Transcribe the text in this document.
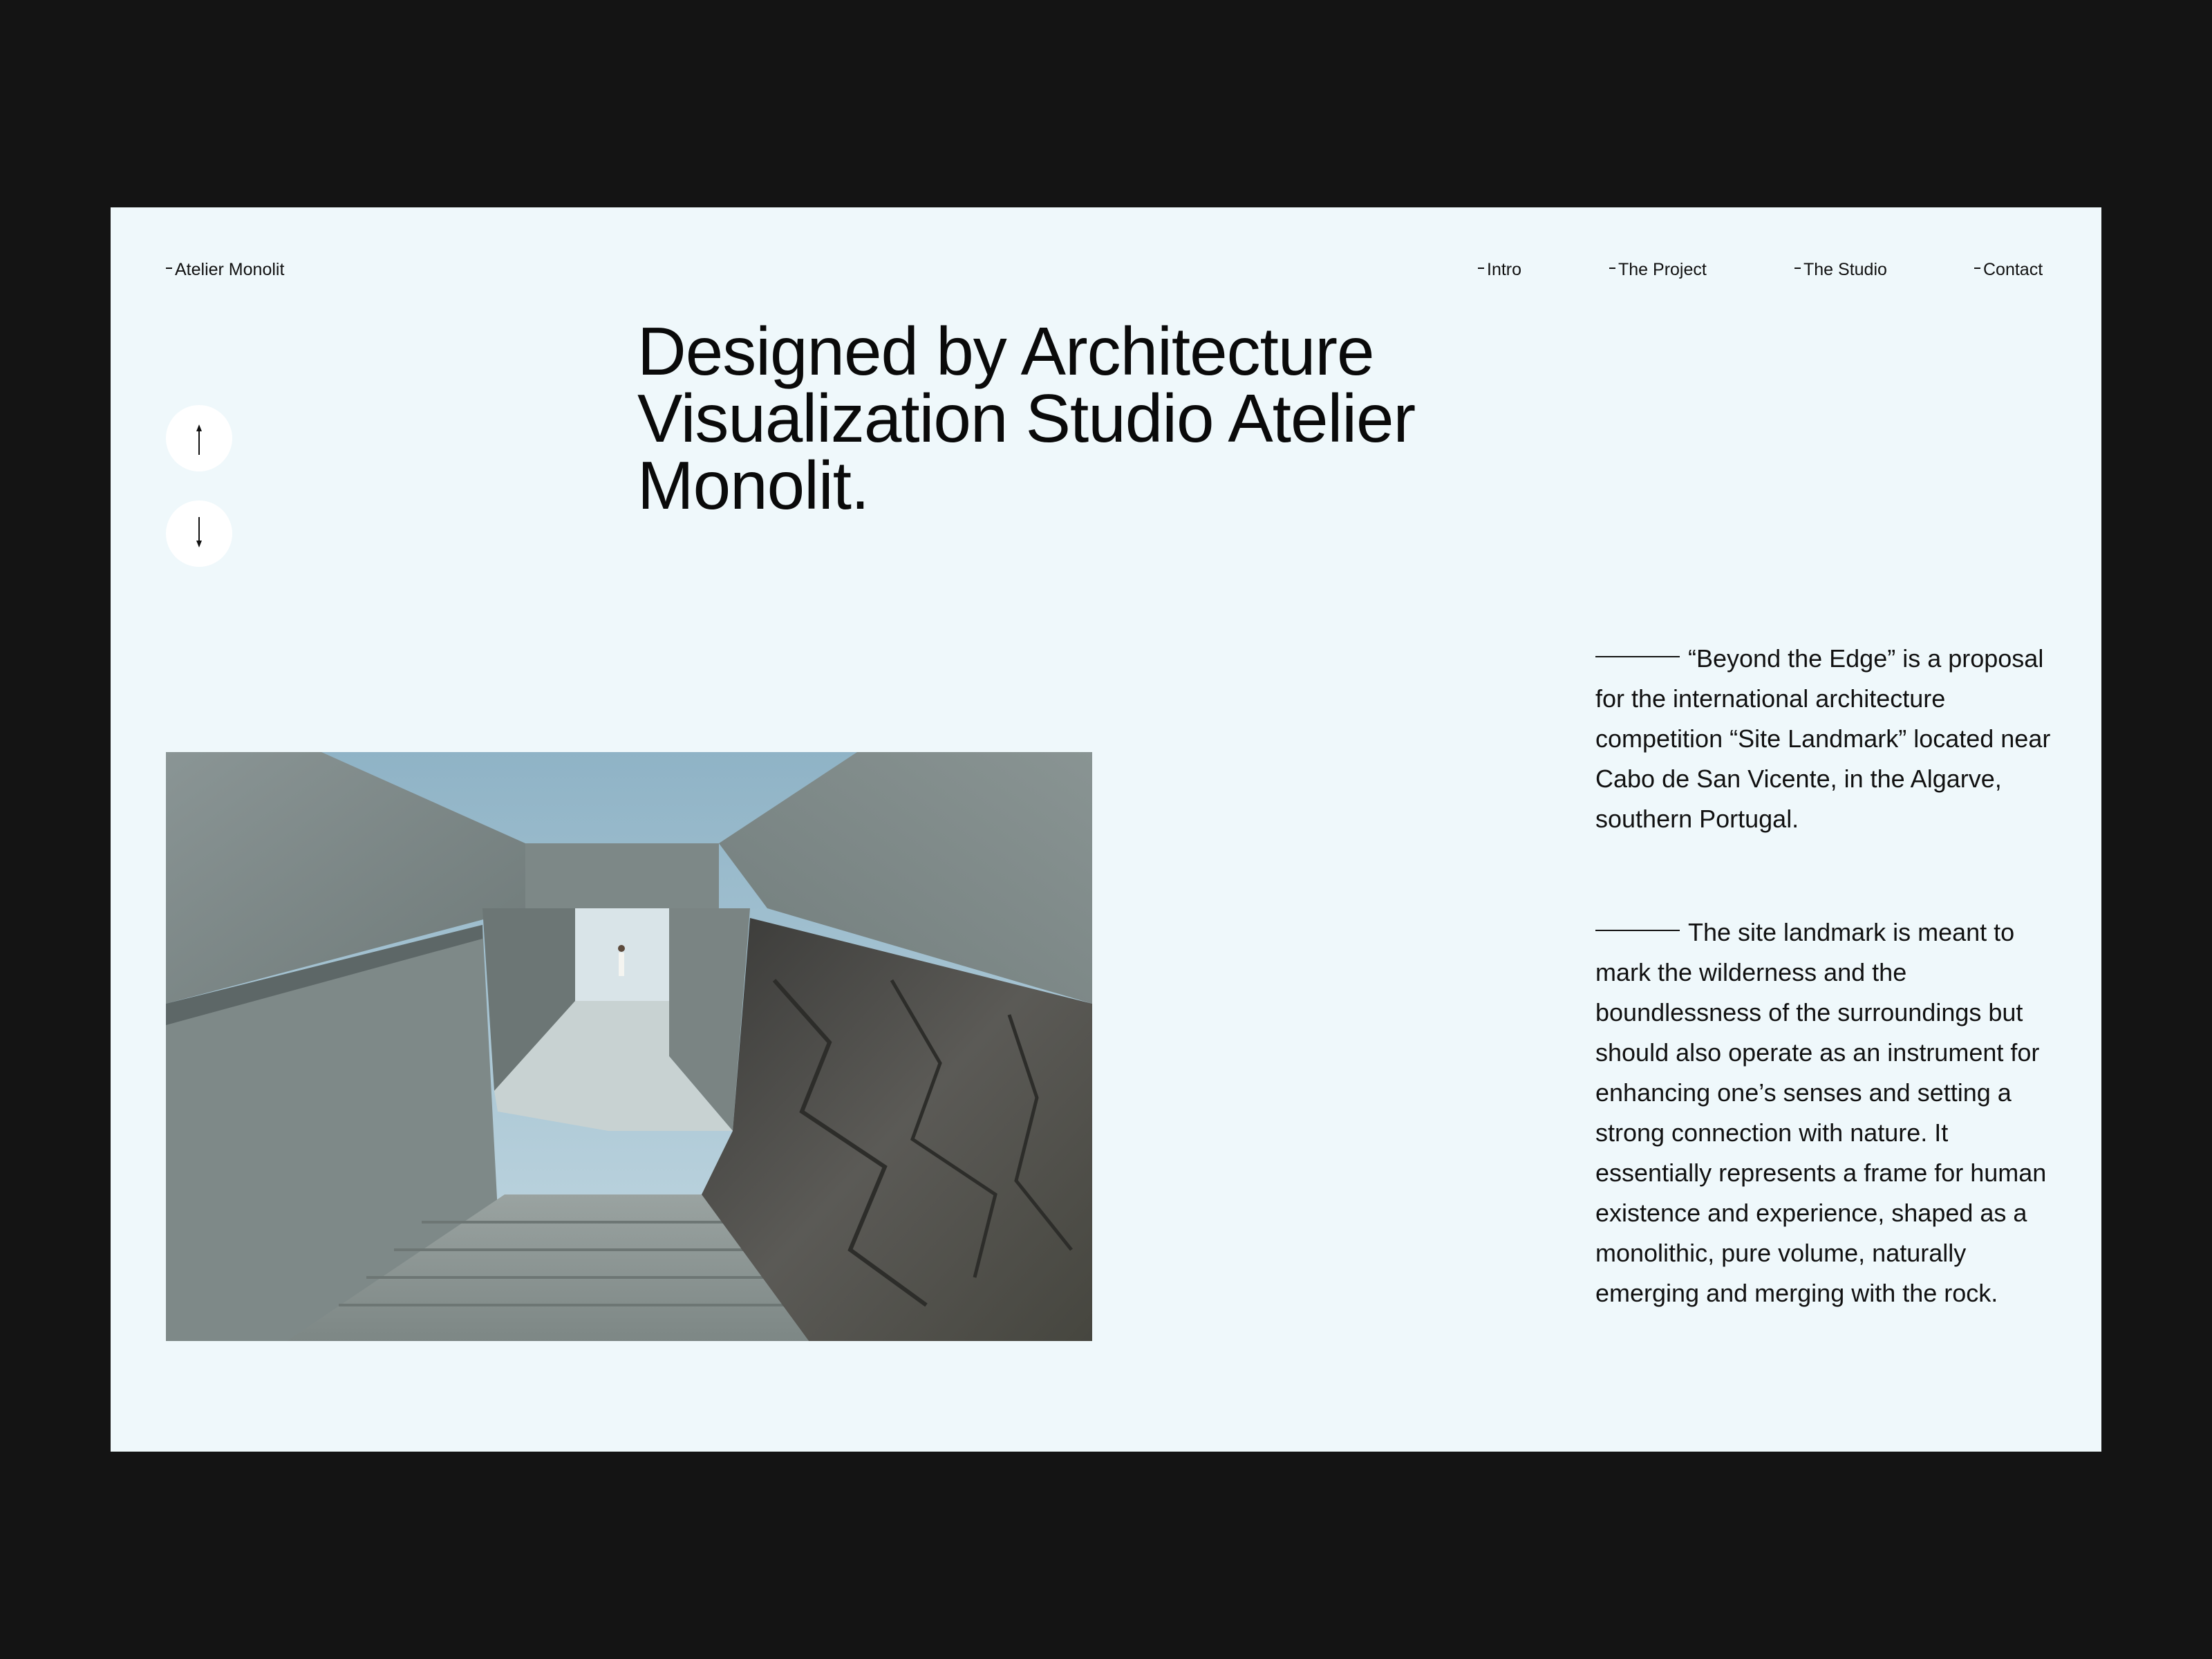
Atelier Monolit	Intro	The Project	The Studio	Contact
Designed by Architecture Visualization Studio Atelier Monolit.

“Beyond the Edge” is a proposal for the international architecture competition “Site Landmark” located near Cabo de San Vicente, in the Algarve, southern Portugal.

The site landmark is meant to mark the wilderness and the boundlessness of the surroundings but should also operate as an instrument for enhancing one’s senses and setting a strong connection with nature. It essentially represents a frame for human existence and experience, shaped as a monolithic, pure volume, naturally emerging and merging with the rock.
